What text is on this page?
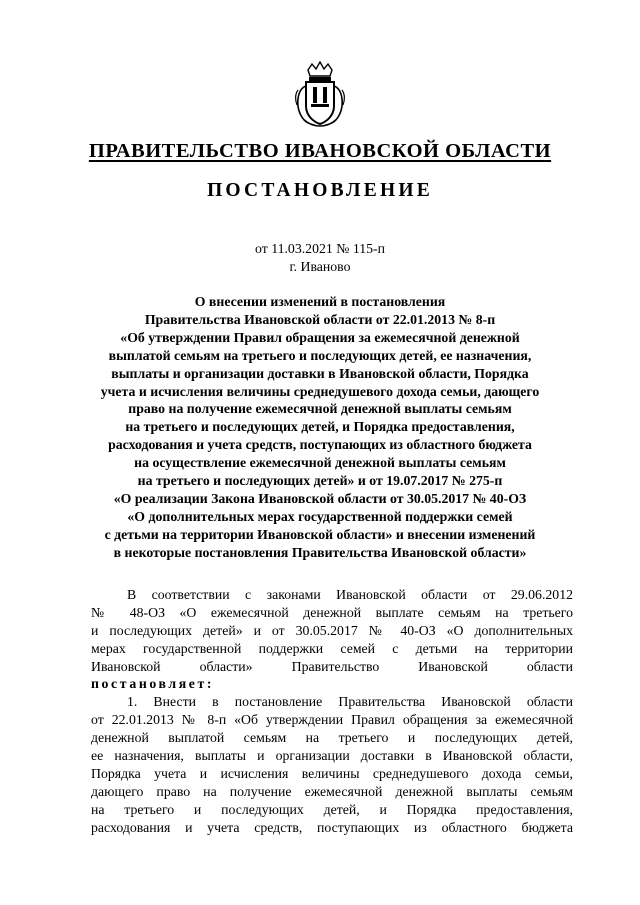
ПРАВИТЕЛЬСТВО ИВАНОВСКОЙ ОБЛАСТИ
ПОСТАНОВЛЕНИЕ
от 11.03.2021 № 115-п
г. Иваново
О внесении изменений в постановления
Правительства Ивановской области от 22.01.2013 № 8-п
«Об утверждении Правил обращения за ежемесячной денежной
выплатой семьям на третьего и последующих детей, ее назначения,
выплаты и организации доставки в Ивановской области, Порядка
учета и исчисления величины среднедушевого дохода семьи, дающего
право на получение ежемесячной денежной выплаты семьям
на третьего и последующих детей, и Порядка предоставления,
расходования и учета средств, поступающих из областного бюджета
на осуществление ежемесячной денежной выплаты семьям
на третьего и последующих детей» и от 19.07.2017 № 275-п
«О реализации Закона Ивановской области от 30.05.2017 № 40-ОЗ
«О дополнительных мерах государственной поддержки семей
с детьми на территории Ивановской области» и внесении изменений
в некоторые постановления Правительства Ивановской области»
В соответствии с законами Ивановской области от 29.06.2012
№ 48-ОЗ «О ежемесячной денежной выплате семьям на третьего
и последующих детей» и от 30.05.2017 № 40-ОЗ «О дополнительных
мерах государственной поддержки семей с детьми на территории
Ивановской области» Правительство Ивановской области
постановляет:
1. Внести в постановление Правительства Ивановской области
от 22.01.2013 № 8-п «Об утверждении Правил обращения за ежемесячной
денежной выплатой семьям на третьего и последующих детей,
ее назначения, выплаты и организации доставки в Ивановской области,
Порядка учета и исчисления величины среднедушевого дохода семьи,
дающего право на получение ежемесячной денежной выплаты семьям
на третьего и последующих детей, и Порядка предоставления,
расходования и учета средств, поступающих из областного бюджета
